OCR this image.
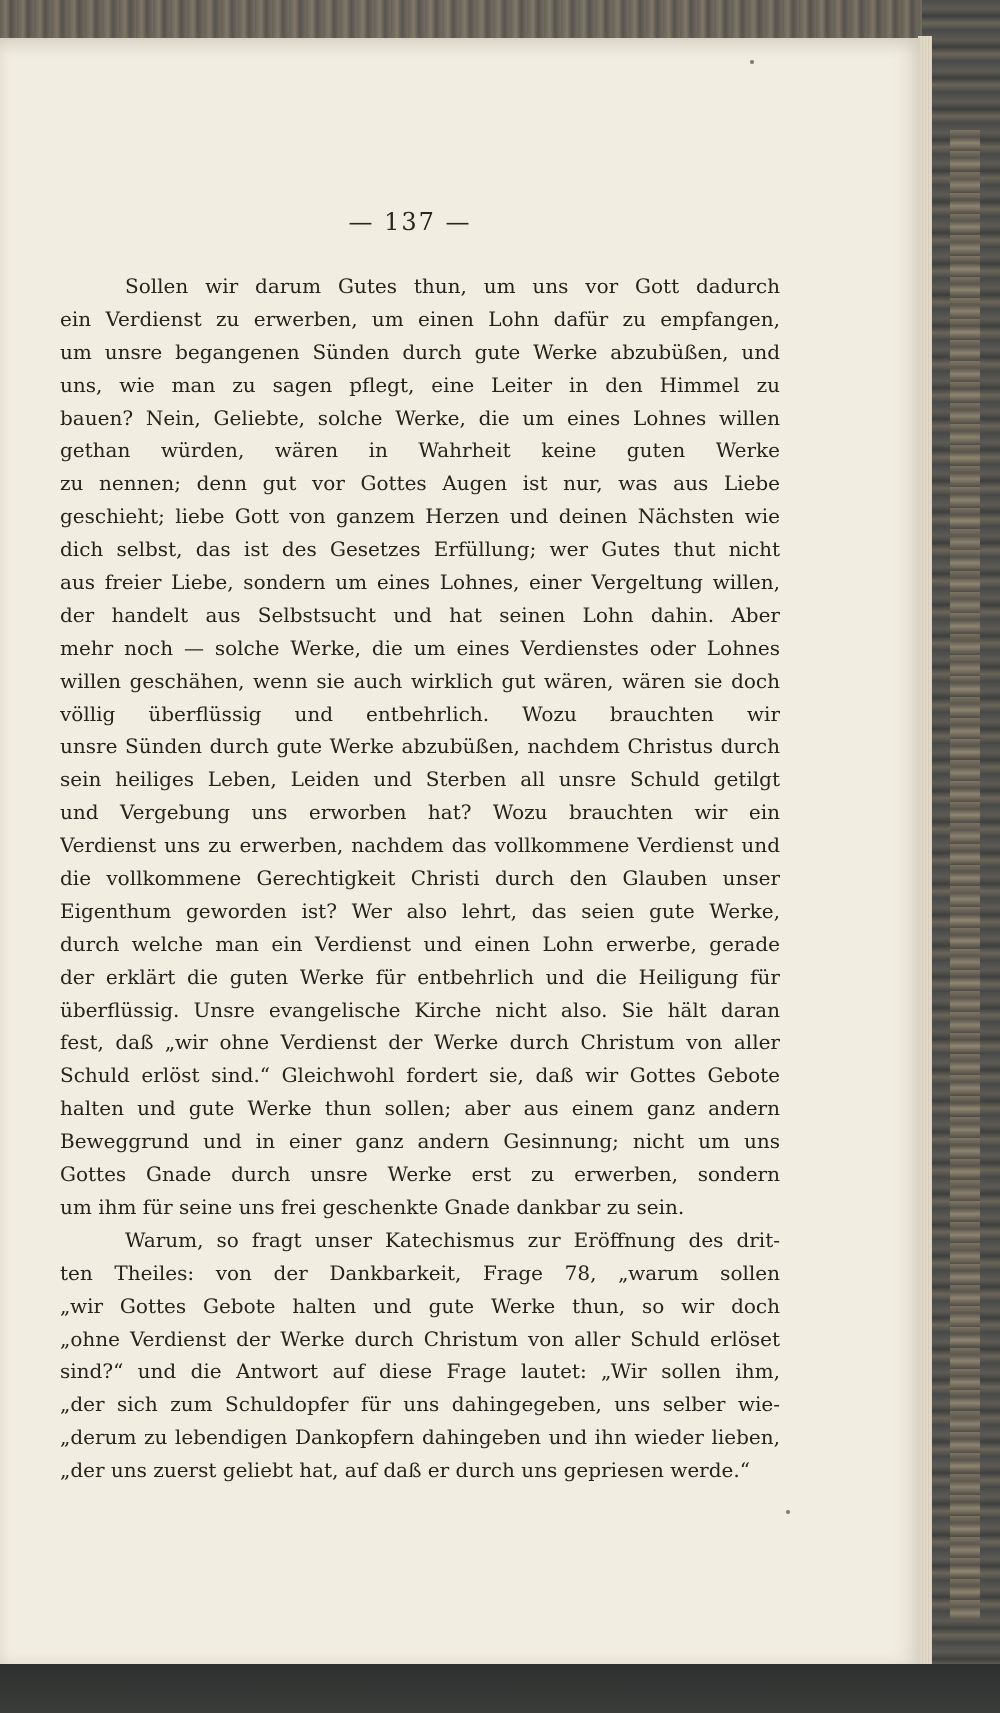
— 137 —
Sollen wir darum Gutes thun, um uns vor Gott dadurch
ein Verdienst zu erwerben, um einen Lohn dafür zu empfangen,
um unsre begangenen Sünden durch gute Werke abzubüßen, und
uns, wie man zu sagen pflegt, eine Leiter in den Himmel zu
bauen? Nein, Geliebte, solche Werke, die um eines Lohnes willen
gethan würden, wären in Wahrheit keine guten Werke
zu nennen; denn gut vor Gottes Augen ist nur, was aus Liebe
geschieht; liebe Gott von ganzem Herzen und deinen Nächsten wie
dich selbst, das ist des Gesetzes Erfüllung; wer Gutes thut nicht
aus freier Liebe, sondern um eines Lohnes, einer Vergeltung willen,
der handelt aus Selbstsucht und hat seinen Lohn dahin. Aber
mehr noch — solche Werke, die um eines Verdienstes oder Lohnes
willen geschähen, wenn sie auch wirklich gut wären, wären sie doch
völlig überflüssig und entbehrlich. Wozu brauchten wir
unsre Sünden durch gute Werke abzubüßen, nachdem Christus durch
sein heiliges Leben, Leiden und Sterben all unsre Schuld getilgt
und Vergebung uns erworben hat? Wozu brauchten wir ein
Verdienst uns zu erwerben, nachdem das vollkommene Verdienst und
die vollkommene Gerechtigkeit Christi durch den Glauben unser
Eigenthum geworden ist? Wer also lehrt, das seien gute Werke,
durch welche man ein Verdienst und einen Lohn erwerbe, gerade
der erklärt die guten Werke für entbehrlich und die Heiligung für
überflüssig. Unsre evangelische Kirche nicht also. Sie hält daran
fest, daß „wir ohne Verdienst der Werke durch Christum von aller
Schuld erlöst sind.“ Gleichwohl fordert sie, daß wir Gottes Gebote
halten und gute Werke thun sollen; aber aus einem ganz andern
Beweggrund und in einer ganz andern Gesinnung; nicht um uns
Gottes Gnade durch unsre Werke erst zu erwerben, sondern
um ihm für seine uns frei geschenkte Gnade dankbar zu sein.
Warum, so fragt unser Katechismus zur Eröffnung des drit-
ten Theiles: von der Dankbarkeit, Frage 78, „warum sollen
„wir Gottes Gebote halten und gute Werke thun, so wir doch
„ohne Verdienst der Werke durch Christum von aller Schuld erlöset
sind?“ und die Antwort auf diese Frage lautet: „Wir sollen ihm,
„der sich zum Schuldopfer für uns dahingegeben, uns selber wie-
„derum zu lebendigen Dankopfern dahingeben und ihn wieder lieben,
„der uns zuerst geliebt hat, auf daß er durch uns gepriesen werde.“
